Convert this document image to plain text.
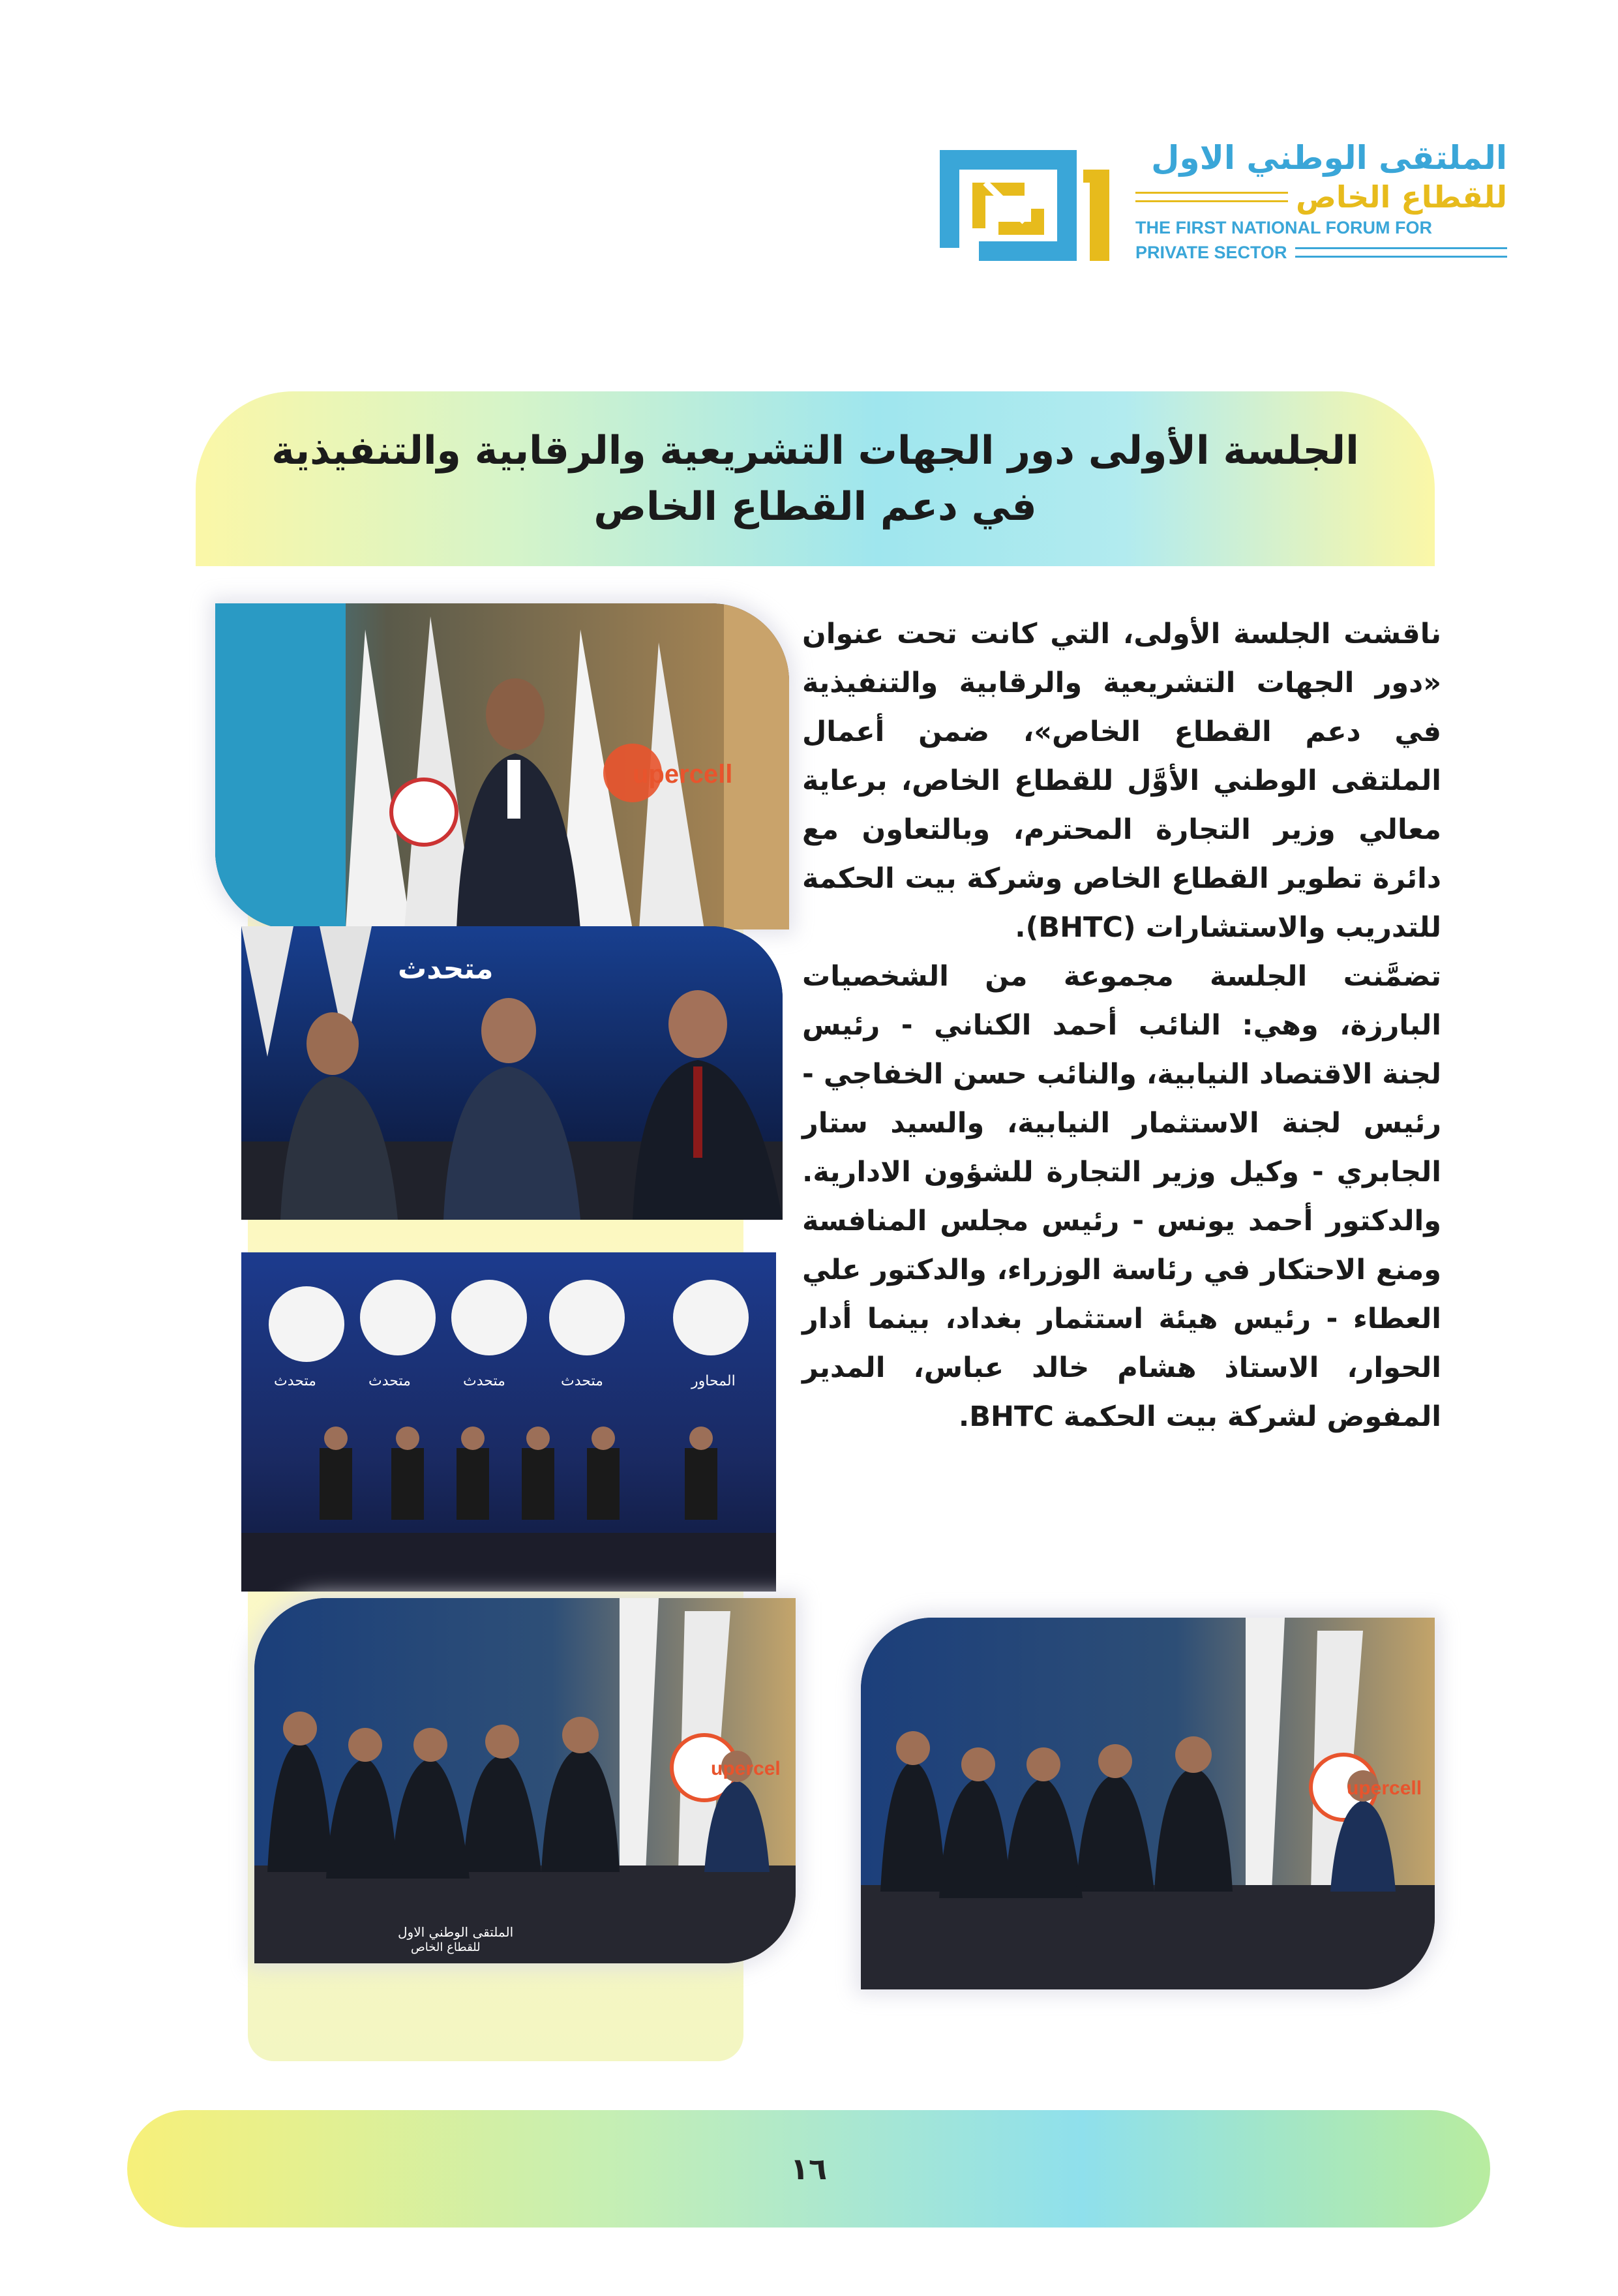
الملتقى الوطني الاول
للقطاع الخاص
THE FIRST NATIONAL FORUM FOR
PRIVATE SECTOR
الجلسة الأولى دور الجهات التشريعية والرقابية والتنفيذية
في دعم القطاع الخاص
upercell
متحدث
متحدث	متحدث	متحدث	متحدث	المحاور
upercel
الملتقى الوطني الاول
للقطاع الخاص
upercell

ناقشت الجلسة الأولى، التي كانت تحت عنوان «دور الجهات التشريعية والرقابية والتنفيذية في دعم القطاع الخاص»، ضمن أعمال الملتقى الوطني الأوَّل للقطاع الخاص، برعاية معالي وزير التجارة المحترم، وبالتعاون مع دائرة تطوير القطاع الخاص وشركة بيت الحكمة للتدريب والاستشارات (BHTC).

تضمَّنت الجلسة مجموعة من الشخصيات البارزة، وهي: النائب أحمد الكناني - رئيس لجنة الاقتصاد النيابية، والنائب حسن الخفاجي - رئيس لجنة الاستثمار النيابية، والسيد ستار الجابري - وكيل وزير التجارة للشؤون الادارية. والدكتور أحمد يونس - رئيس مجلس المنافسة ومنع الاحتكار في رئاسة الوزراء، والدكتور علي العطاء - رئيس هيئة استثمار بغداد، بينما أدار الحوار، الاستاذ هشام خالد عباس، المدير المفوض لشركة بيت الحكمة BHTC.

١٦
